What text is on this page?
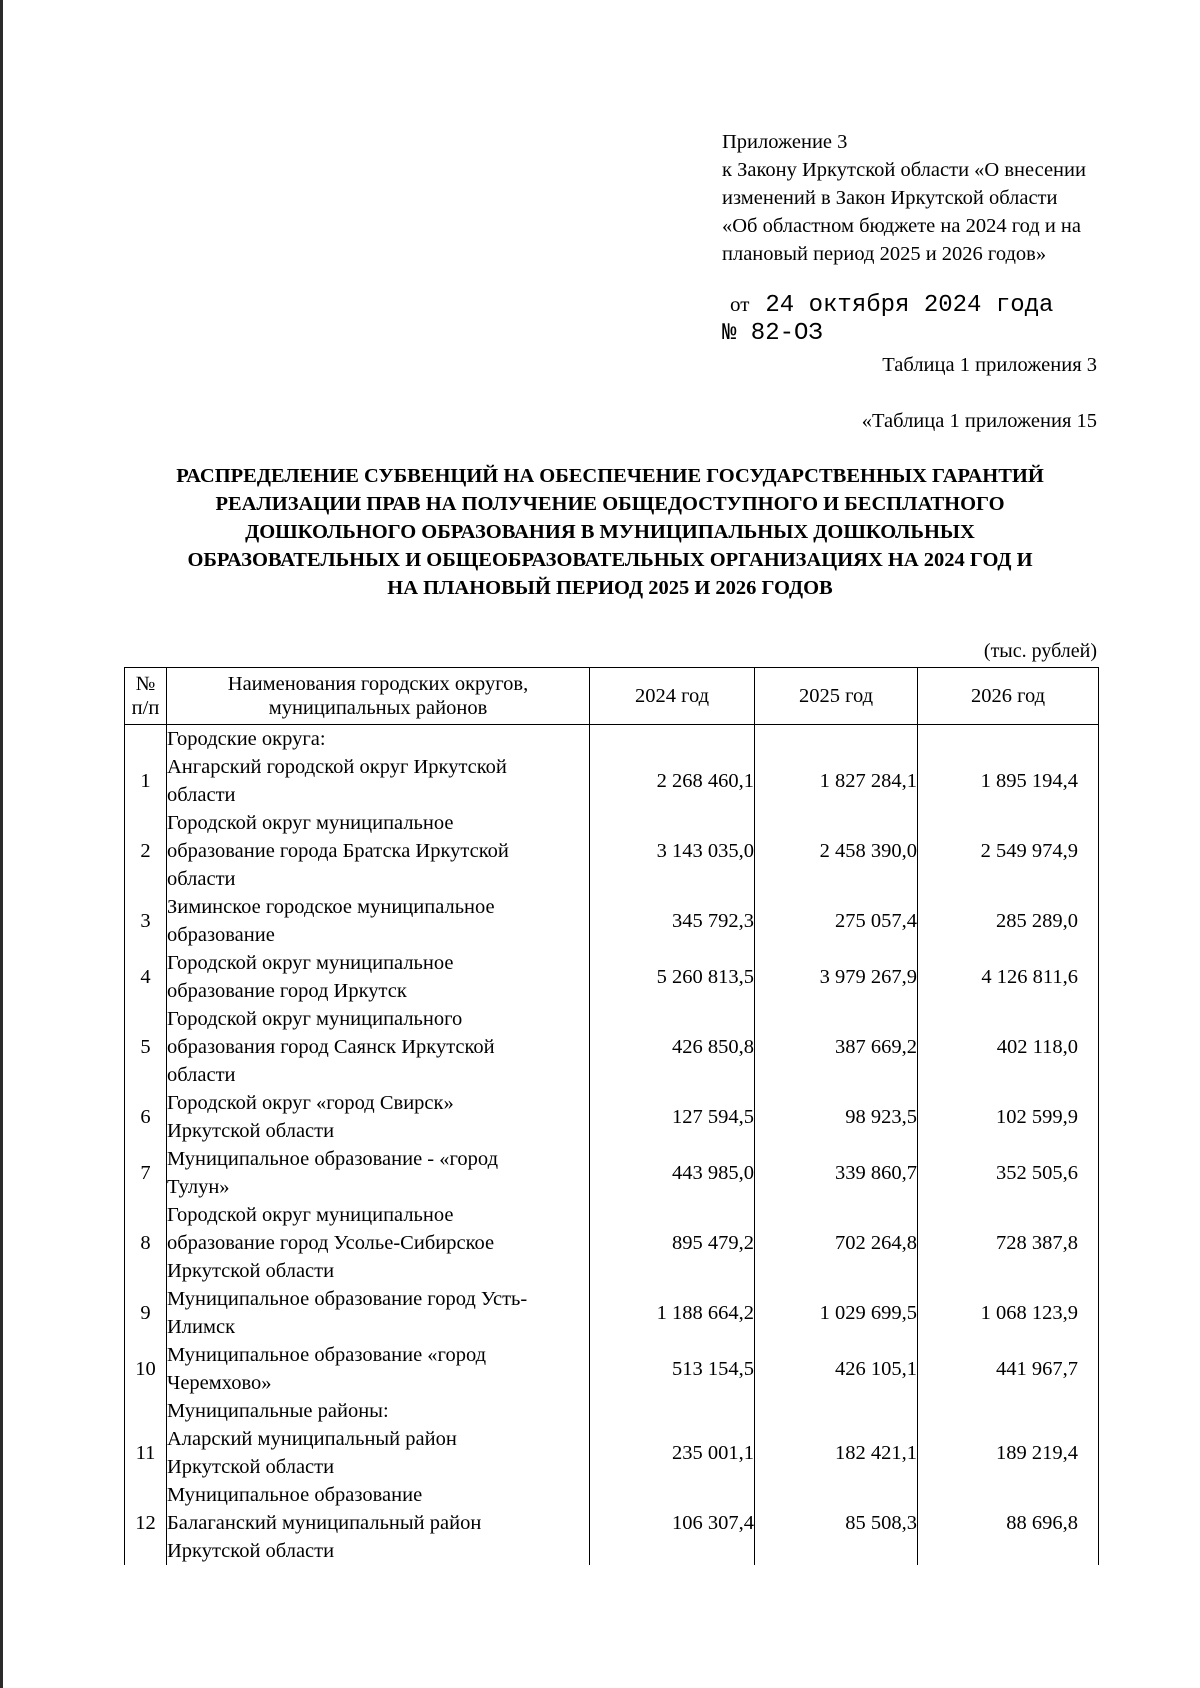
Приложение 3
к Закону Иркутской области «О внесении
изменений в Закон Иркутской области
«Об областном бюджете на 2024 год и на
плановый период 2025 и 2026 годов»
от 24 октября 2024 года
№ 82-ОЗ
Таблица 1 приложения 3
«Таблица 1 приложения 15
РАСПРЕДЕЛЕНИЕ СУБВЕНЦИЙ НА ОБЕСПЕЧЕНИЕ ГОСУДАРСТВЕННЫХ ГАРАНТИЙ
РЕАЛИЗАЦИИ ПРАВ НА ПОЛУЧЕНИЕ ОБЩЕДОСТУПНОГО И БЕСПЛАТНОГО
ДОШКОЛЬНОГО ОБРАЗОВАНИЯ В МУНИЦИПАЛЬНЫХ ДОШКОЛЬНЫХ
ОБРАЗОВАТЕЛЬНЫХ И ОБЩЕОБРАЗОВАТЕЛЬНЫХ ОРГАНИЗАЦИЯХ НА 2024 ГОД И
НА ПЛАНОВЫЙ ПЕРИОД 2025 И 2026 ГОДОВ
(тыс. рублей)
№
п/п	Наименования городских округов,
муниципальных районов	2024 год	2025 год	2026 год
	Городские округа:			
1	Ангарский городской округ Иркутской
области	2 268 460,1	1 827 284,1	1 895 194,4
2	Городской округ муниципальное
образование города Братска Иркутской
области	3 143 035,0	2 458 390,0	2 549 974,9
3	Зиминское городское муниципальное
образование	345 792,3	275 057,4	285 289,0
4	Городской округ муниципальное
образование город Иркутск	5 260 813,5	3 979 267,9	4 126 811,6
5	Городской округ муниципального
образования город Саянск Иркутской
области	426 850,8	387 669,2	402 118,0
6	Городской округ «город Свирск»
Иркутской области	127 594,5	98 923,5	102 599,9
7	Муниципальное образование - «город
Тулун»	443 985,0	339 860,7	352 505,6
8	Городской округ муниципальное
образование город Усолье-Сибирское
Иркутской области	895 479,2	702 264,8	728 387,8
9	Муниципальное образование город Усть-
Илимск	1 188 664,2	1 029 699,5	1 068 123,9
10	Муниципальное образование «город
Черемхово»	513 154,5	426 105,1	441 967,7
	Муниципальные районы:			
11	Аларский муниципальный район
Иркутской области	235 001,1	182 421,1	189 219,4
12	Муниципальное образование
Балаганский муниципальный район
Иркутской области	106 307,4	85 508,3	88 696,8
